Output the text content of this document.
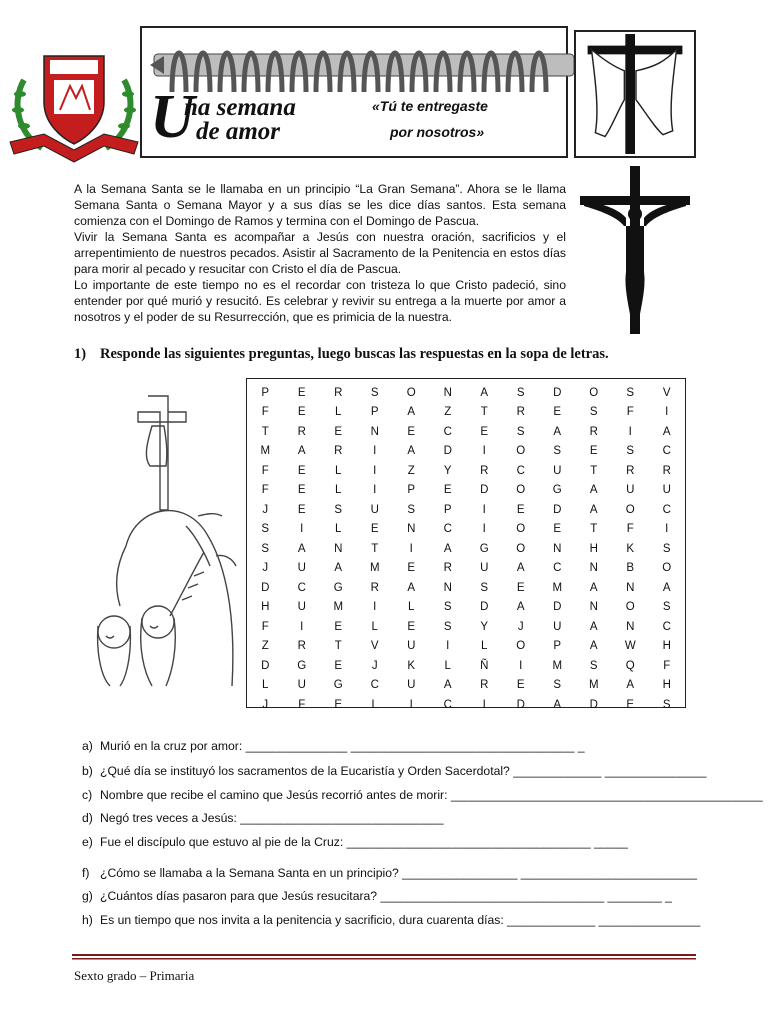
U
na semana
de amor
«Tú te entregaste
por nosotros»

A la Semana Santa se le llamaba en un principio “La Gran Semana”. Ahora se le llama Semana Santa o Semana Mayor y a sus días se les dice días santos. Esta semana comienza con el Domingo de Ramos y termina con el Domingo de Pascua.

Vivir la Semana Santa es acompañar a Jesús con nuestra oración, sacrificios y el arrepentimiento de nuestros pecados. Asistir al Sacramento de la Penitencia en estos días para morir al pecado y resucitar con Cristo el día de Pascua.

Lo importante de este tiempo no es el recordar con tristeza lo que Cristo padeció, sino entender por qué murió y resucitó. Es celebrar y revivir su entrega a la muerte por amor a nosotros y el poder de su Resurrección, que es primicia de la nuestra.

1) Responde las siguientes preguntas, luego buscas las respuestas en la sopa de letras.
P	E	R	S	O	N	A	S	D	O	S	V
F	E	L	P	A	Z	T	R	E	S	F	I
T	R	E	N	E	C	E	S	A	R	I	A
M	A	R	I	A	D	I	O	S	E	S	C
F	E	L	I	Z	Y	R	C	U	T	R	R
F	E	L	I	P	E	D	O	G	A	U	U
J	E	S	U	S	P	I	E	D	A	O	C
S	I	L	E	N	C	I	O	E	T	F	I
S	A	N	T	I	A	G	O	N	H	K	S
J	U	A	M	E	R	U	A	C	N	B	O
D	C	G	R	A	N	S	E	M	A	N	A
H	U	M	I	L	S	D	A	D	N	O	S
F	I	E	L	E	S	Y	J	U	A	N	C
Z	R	T	V	U	I	L	O	P	A	W	H
D	G	E	J	K	L	Ñ	I	M	S	Q	F
L	U	G	C	U	A	R	E	S	M	A	H
J	F	E	L	I	C	I	D	A	D	E	S
a) Murió en la cruz por amor: _______________ _________________________________ _
b) ¿Qué día se instituyó los sacramentos de la Eucaristía y Orden Sacerdotal? _____________ _______________
c) Nombre que recibe el camino que Jesús recorrió antes de morir: ______________________________________________
d) Negó tres veces a Jesús: ______________________________
e) Fue el discípulo que estuvo al pie de la Cruz: ____________________________________ _____
f) ¿Cómo se llamaba a la Semana Santa en un principio? _________________ __________________________
g) ¿Cuántos días pasaron para que Jesús resucitara? _________________________________ ________ _
h) Es un tiempo que nos invita a la penitencia y sacrificio, dura cuarenta días: _____________ _______________
Sexto grado – Primaria
